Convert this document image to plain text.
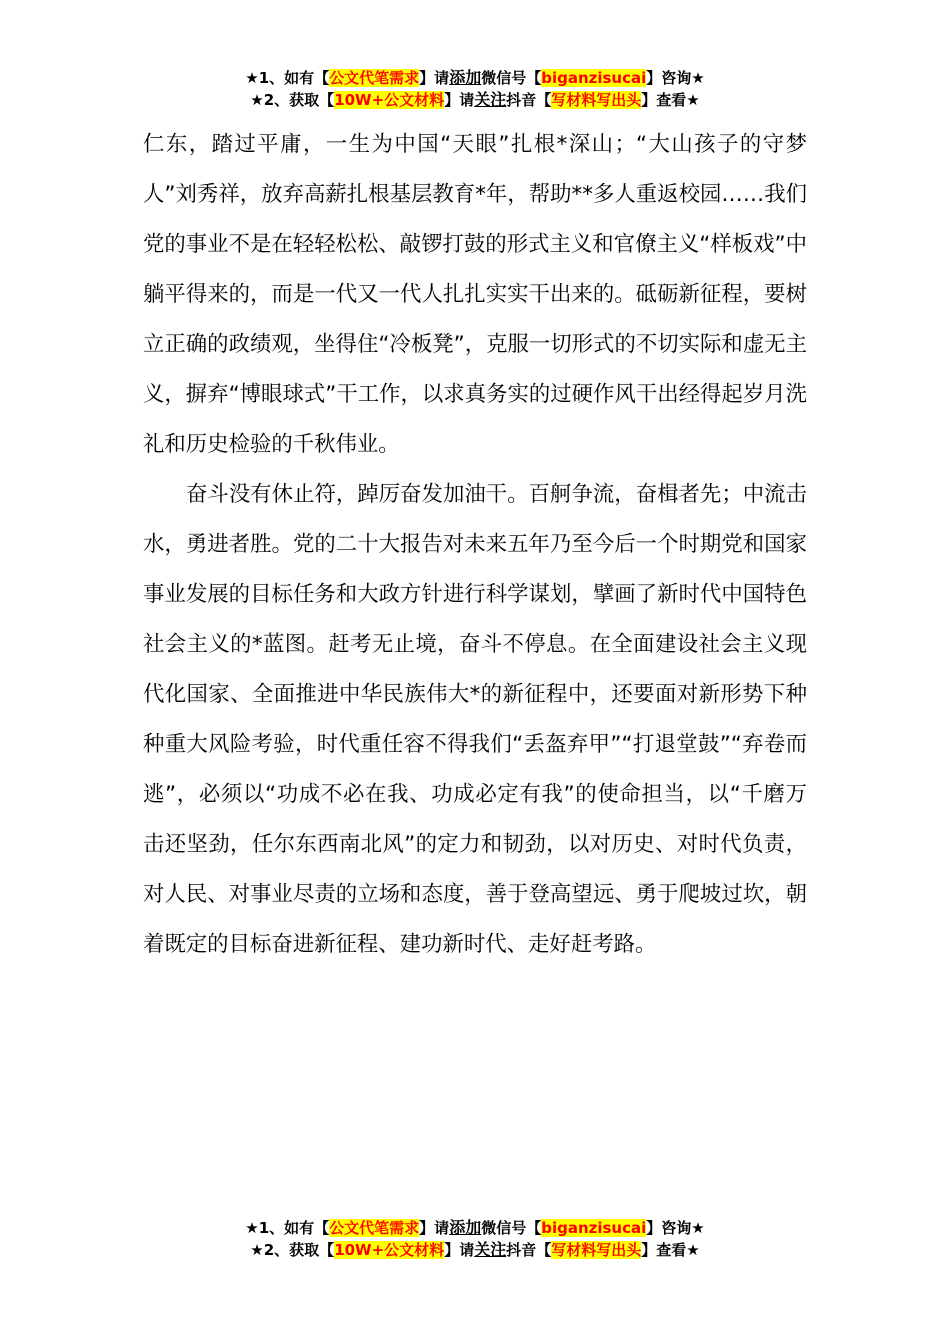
★1、如有【公文代笔需求】请添加微信号【biganzisucai】咨询★
★2、获取【10W+公文材料】请关注抖音【写材料写出头】查看★

仁东，踏过平庸，一生为中国“天眼”扎根*深山；“大山孩子的守梦人”刘秀祥，放弃高薪扎根基层教育*年，帮助**多人重返校园……我们党的事业不是在轻轻松松、敲锣打鼓的形式主义和官僚主义“样板戏”中躺平得来的，而是一代又一代人扎扎实实干出来的。砥砺新征程，要树立正确的政绩观，坐得住“冷板凳”，克服一切形式的不切实际和虚无主义，摒弃“博眼球式”干工作，以求真务实的过硬作风干出经得起岁月洗礼和历史检验的千秋伟业。

奋斗没有休止符，踔厉奋发加油干。百舸争流，奋楫者先；中流击水，勇进者胜。党的二十大报告对未来五年乃至今后一个时期党和国家事业发展的目标任务和大政方针进行科学谋划，擘画了新时代中国特色社会主义的*蓝图。赶考无止境，奋斗不停息。在全面建设社会主义现代化国家、全面推进中华民族伟大*的新征程中，还要面对新形势下种种重大风险考验，时代重任容不得我们“丢盔弃甲”“打退堂鼓”“弃卷而逃”，必须以“功成不必在我、功成必定有我”的使命担当，以“千磨万击还坚劲，任尔东西南北风”的定力和韧劲，以对历史、对时代负责，对人民、对事业尽责的立场和态度，善于登高望远、勇于爬坡过坎，朝着既定的目标奋进新征程、建功新时代、走好赶考路。

★1、如有【公文代笔需求】请添加微信号【biganzisucai】咨询★
★2、获取【10W+公文材料】请关注抖音【写材料写出头】查看★
